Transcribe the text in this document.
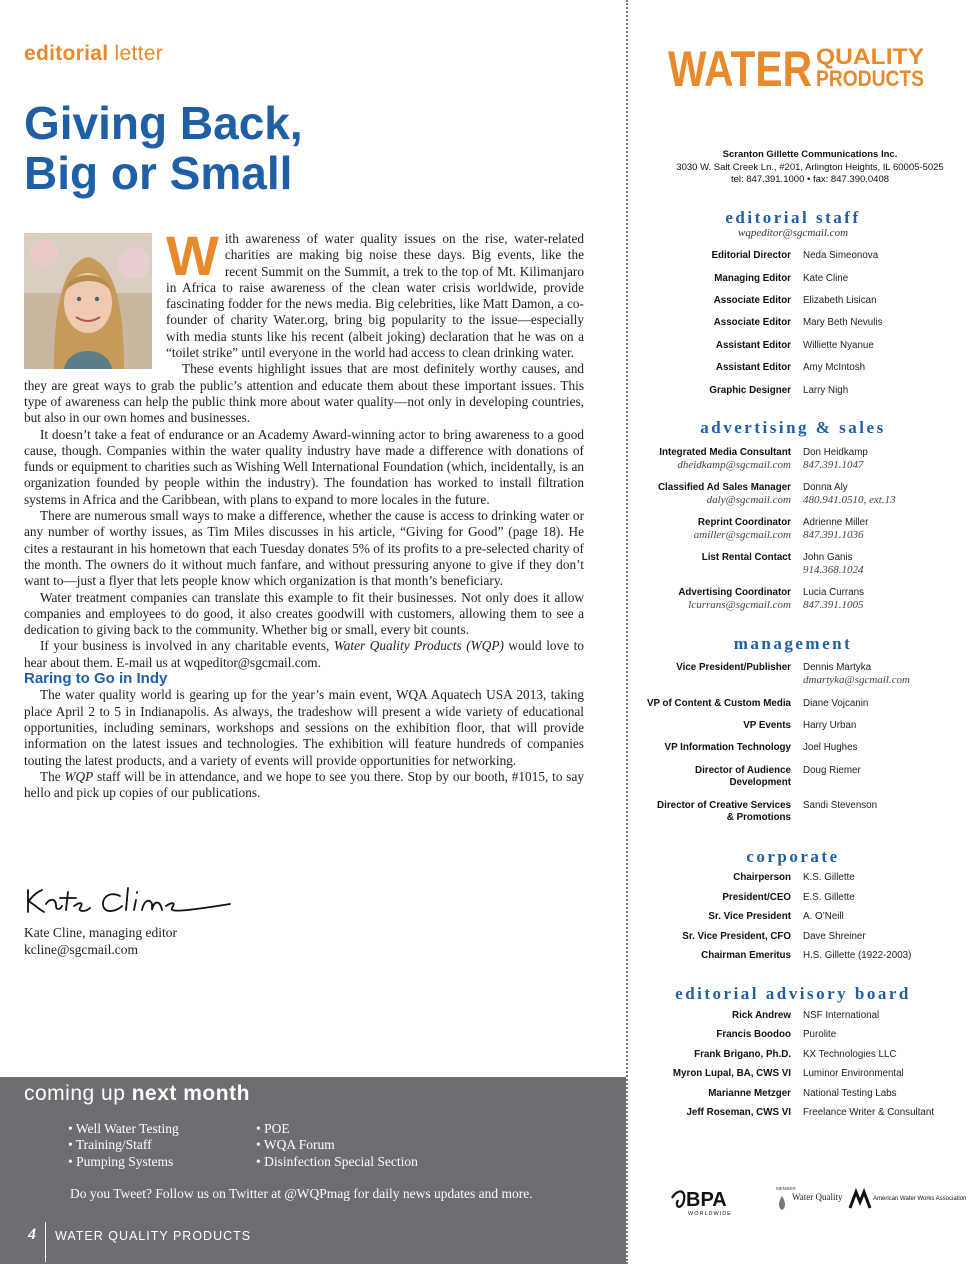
editorial letter
Giving Back,
Big or Small
W ith awareness of water quality issues on the rise, water-related charities are making big noise these days. Big events, like the recent Summit on the Summit, a trek to the top of Mt. Kilimanjaro in Africa to raise awareness of the clean water crisis worldwide, provide fascinating fodder for the news media. Big celebrities, like Matt Damon, a co-founder of charity Water.org, bring big popularity to the issue—especially with media stunts like his recent (albeit joking) declaration that he was on a “toilet strike” until everyone in the world had access to clean drinking water.

These events highlight issues that are most definitely worthy causes, and they are great ways to grab the public’s attention and educate them about these important issues. This type of awareness can help the public think more about water quality—not only in developing countries, but also in our own homes and businesses.

It doesn’t take a feat of endurance or an Academy Award-winning actor to bring awareness to a good cause, though. Companies within the water quality industry have made a difference with donations of funds or equipment to charities such as Wishing Well International Foundation (which, incidentally, is an organization founded by people within the industry). The foundation has worked to install filtration systems in Africa and the Caribbean, with plans to expand to more locales in the future.

There are numerous small ways to make a difference, whether the cause is access to drinking water or any number of worthy issues, as Tim Miles discusses in his article, “Giving for Good” (page 18). He cites a restaurant in his hometown that each Tuesday donates 5% of its profits to a pre-selected charity of the month. The owners do it without much fanfare, and without pressuring anyone to give if they don’t want to—just a flyer that lets people know which organization is that month’s beneficiary.

Water treatment companies can translate this example to fit their businesses. Not only does it allow companies and employees to do good, it also creates goodwill with customers, allowing them to see a dedication to giving back to the community. Whether big or small, every bit counts.

If your business is involved in any charitable events, Water Quality Products (WQP) would love to hear about them. E-mail us at wqpeditor@sgcmail.com.

Raring to Go in Indy

The water quality world is gearing up for the year’s main event, WQA Aquatech USA 2013, taking place April 2 to 5 in Indianapolis. As always, the tradeshow will present a wide variety of educational opportunities, including seminars, workshops and sessions on the exhibition floor, that will provide information on the latest issues and technologies. The exhibition will feature hundreds of companies touting the latest products, and a variety of events will provide opportunities for networking.

The WQP staff will be in attendance, and we hope to see you there. Stop by our booth, #1015, to say hello and pick up copies of our publications.

Kate Cline, managing editor
kcline@sgcmail.com
coming up next month
• Well Water Testing
• Training/Staff
• Pumping Systems
• POE
• WQA Forum
• Disinfection Special Section
Do you Tweet? Follow us on Twitter at @WQPmag for daily news updates and more.
4 WATER QUALITY PRODUCTS
WATER QUALITY
PRODUCTS
Scranton Gillette Communications Inc.
3030 W. Salt Creek Ln., #201, Arlington Heights, IL 60005-5025
tel: 847.391.1000 • fax: 847.390.0408
editorial staff
wqpeditor@sgcmail.com
Editorial Director Neda Simeonova
Managing Editor Kate Cline
Associate Editor Elizabeth Lisican
Associate Editor Mary Beth Nevulis
Assistant Editor Williette Nyanue
Assistant Editor Amy McIntosh
Graphic Designer Larry Nigh
advertising & sales
Integrated Media Consultant
dheidkamp@sgcmail.com
Don Heidkamp
847.391.1047
Classified Ad Sales Manager
daly@sgcmail.com
Donna Aly
480.941.0510, ext.13
Reprint Coordinator
amiller@sgcmail.com
Adrienne Miller
847.391.1036
List Rental Contact John Ganis
914.368.1024
Advertising Coordinator
lcurrans@sgcmail.com
Lucia Currans
847.391.1005
management
Vice President/Publisher Dennis Martyka
dmartyka@sgcmail.com
VP of Content & Custom Media Diane Vojcanin
VP Events Harry Urban
VP Information Technology Joel Hughes
Director of Audience
Development
Doug Riemer
Director of Creative Services
& Promotions
Sandi Stevenson
corporate
Chairperson K.S. Gillette
President/CEO E.S. Gillette
Sr. Vice President A. O’Neill
Sr. Vice President, CFO Dave Shreiner
Chairman Emeritus H.S. Gillette (1922-2003)
editorial advisory board
Rick Andrew NSF International
Francis Boodoo Purolite
Frank Brigano, Ph.D. KX Technologies LLC
Myron Lupal, BA, CWS VI Luminor Environmental
Marianne Metzger National Testing Labs
Jeff Roseman, CWS VI Freelance Writer & Consultant
BPA
WORLDWIDE
MEMBER
Water Quality	American Water Works Association
